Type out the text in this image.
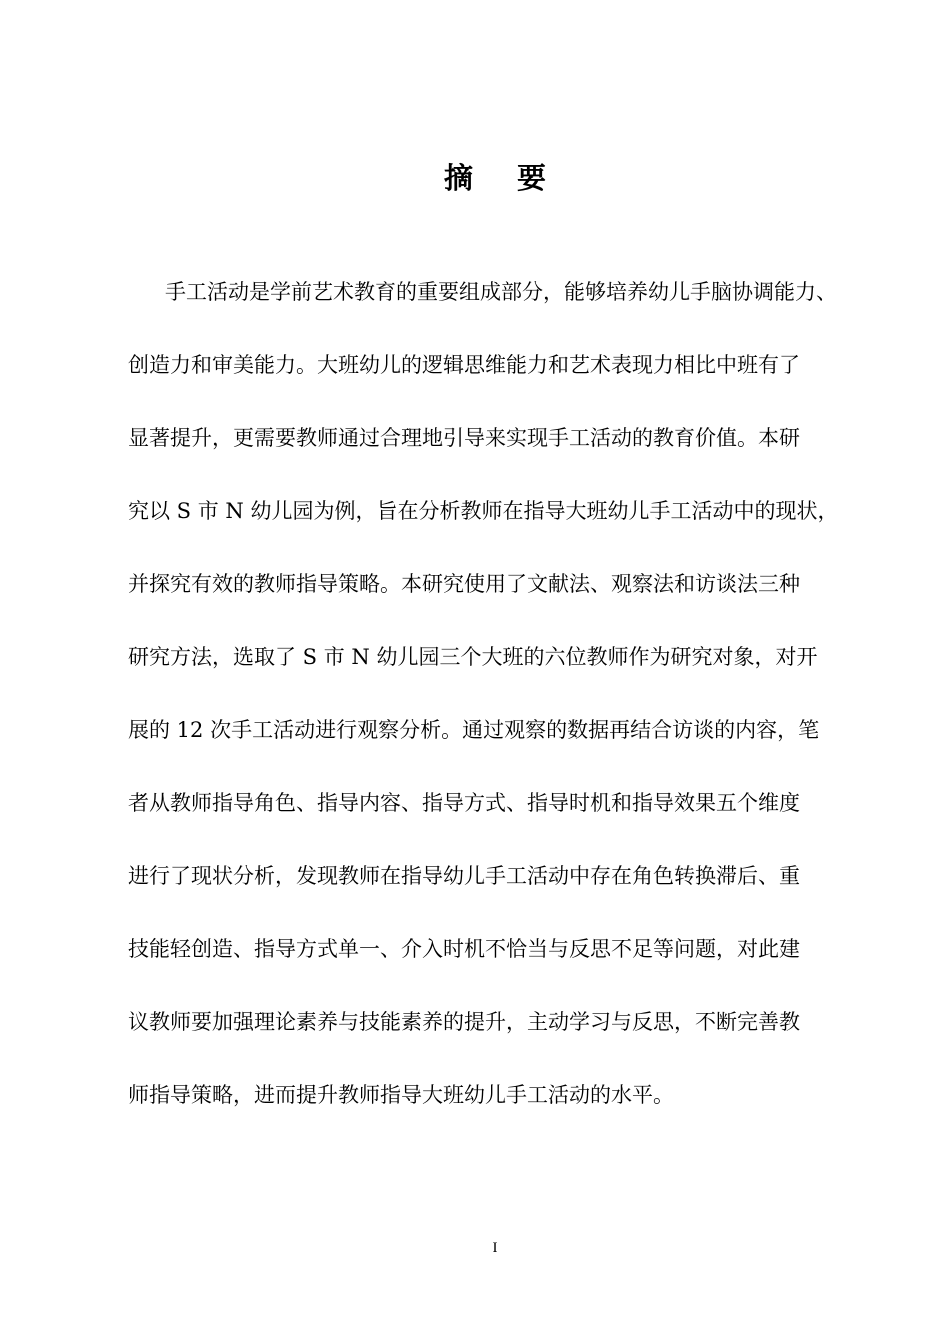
摘 要
手工活动是学前艺术教育的重要组成部分，能够培养幼儿手脑协调能力、
创造力和审美能力。大班幼儿的逻辑思维能力和艺术表现力相比中班有了
显著提升，更需要教师通过合理地引导来实现手工活动的教育价值。本研
究以 S 市 N 幼儿园为例，旨在分析教师在指导大班幼儿手工活动中的现状，
并探究有效的教师指导策略。本研究使用了文献法、观察法和访谈法三种
研究方法，选取了 S 市 N 幼儿园三个大班的六位教师作为研究对象，对开
展的 12 次手工活动进行观察分析。通过观察的数据再结合访谈的内容，笔
者从教师指导角色、指导内容、指导方式、指导时机和指导效果五个维度
进行了现状分析，发现教师在指导幼儿手工活动中存在角色转换滞后、重
技能轻创造、指导方式单一、介入时机不恰当与反思不足等问题，对此建
议教师要加强理论素养与技能素养的提升，主动学习与反思，不断完善教
师指导策略，进而提升教师指导大班幼儿手工活动的水平。
I
